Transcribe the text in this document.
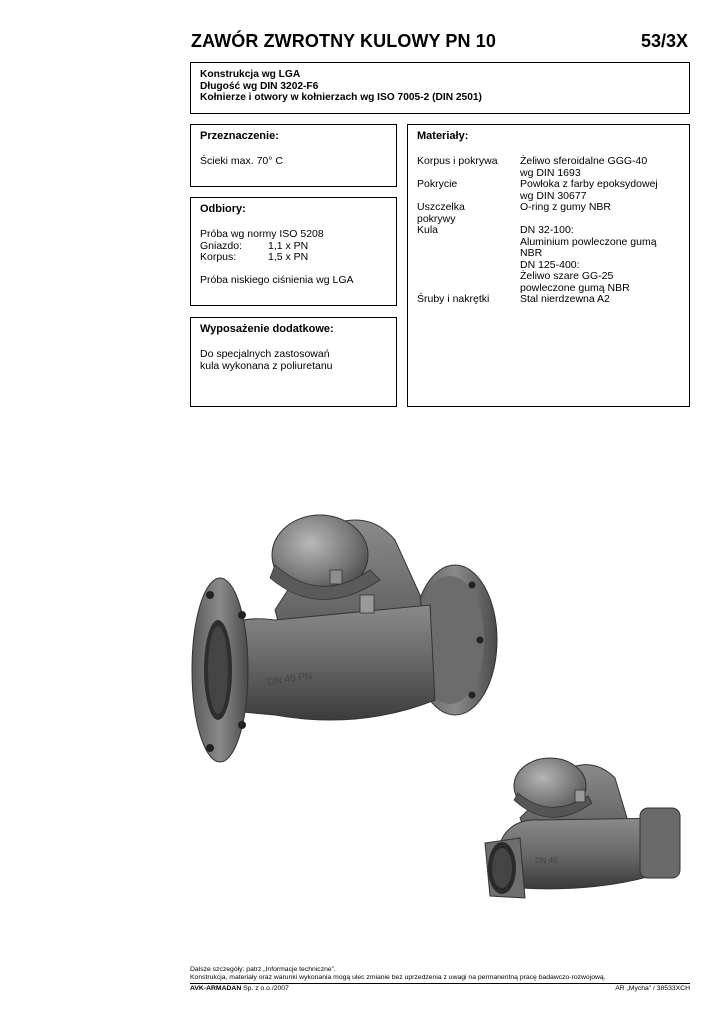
ZAWÓR ZWROTNY KULOWY PN 10	53/3X
Konstrukcja wg LGA
Długość wg DIN 3202-F6
Kołnierze i otwory w kołnierzach wg ISO 7005-2 (DIN 2501)
Przeznaczenie:
Ścieki max. 70° C
Odbiory:
Próba wg normy ISO 5208
Gniazdo:	1,1 x PN
Korpus:	1,5 x PN
Próba niskiego ciśnienia wg LGA
Wyposażenie dodatkowe:
Do specjalnych zastosowań
kula wykonana z poliuretanu
Materiały:
Korpus i pokrywa	Żeliwo sferoidalne GGG-40
wg DIN 1693

Pokrycie	Powłoka z farby epoksydowej
wg DIN 30677

Uszczelka
pokrywy	O-ring z gumy NBR

Kula	DN 32-100:
Aluminium powleczone gumą NBR
DN 125-400:
Żeliwo szare GG-25
powleczone gumą NBR

Śruby i nakrętki	Stal nierdzewna A2
DN 40 PN
DN 40
Dalsze szczegóły: patrz „Informacje techniczne”.
Konstrukcja, materiały oraz warunki wykonania mogą ulec zmianie bez uprzedzenia z uwagi na permanentną pracę badawczo-rozwojową.
AVK-ARMADAN Sp. z o.o./2007	AR „Mycha” / 38533XCH
